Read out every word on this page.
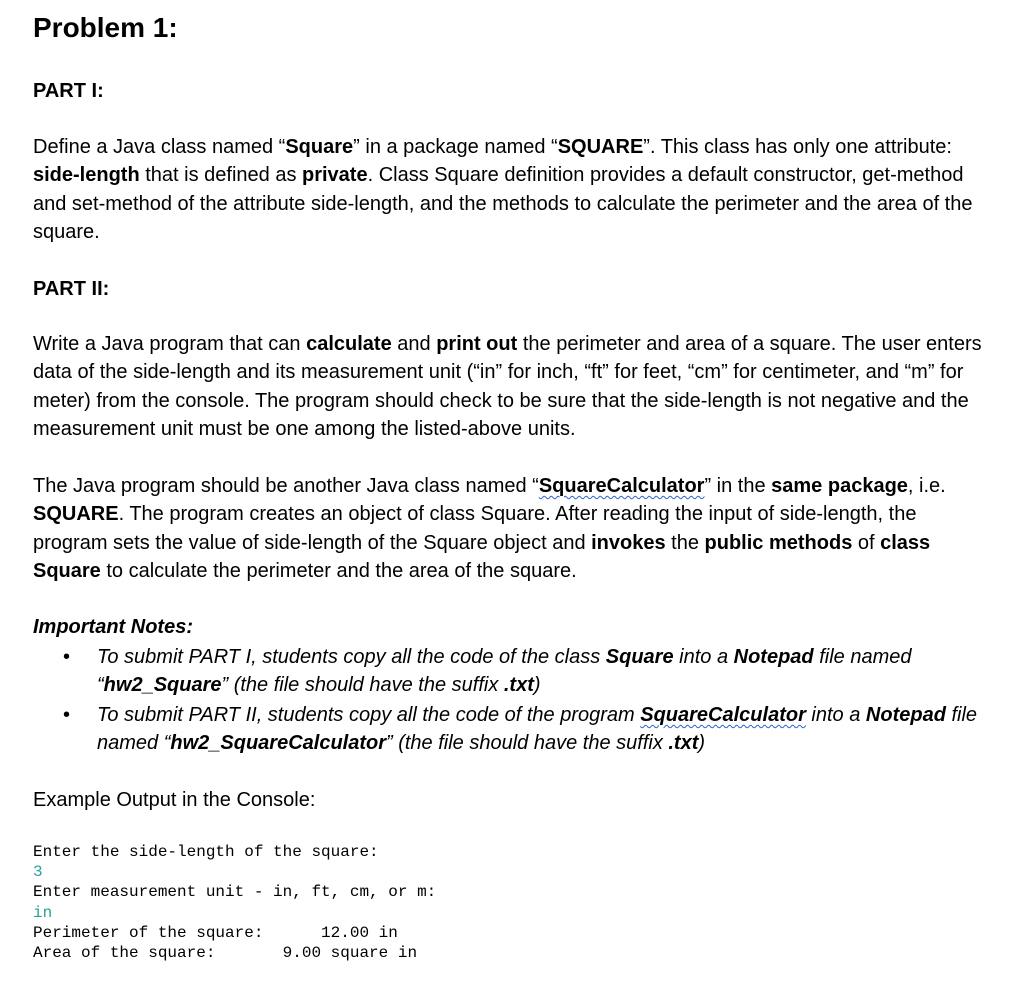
Problem 1:
PART I:

Define a Java class named “Square” in a package named “SQUARE”. This class has only one attribute: side-length that is defined as private. Class Square definition provides a default constructor, get-method and set-method of the attribute side-length, and the methods to calculate the perimeter and the area of the square.

PART II:

Write a Java program that can calculate and print out the perimeter and area of a square. The user enters data of the side-length and its measurement unit (“in” for inch, “ft” for feet, “cm” for centimeter, and “m” for meter) from the console. The program should check to be sure that the side-length is not negative and the measurement unit must be one among the listed-above units.

The Java program should be another Java class named “SquareCalculator” in the same package, i.e. SQUARE. The program creates an object of class Square. After reading the input of side-length, the program sets the value of side-length of the Square object and invokes the public methods of class Square to calculate the perimeter and the area of the square.

Important Notes:
• To submit PART I, students copy all the code of the class Square into a Notepad file named “hw2_Square” (the file should have the suffix .txt)
• To submit PART II, students copy all the code of the program SquareCalculator into a Notepad file named “hw2_SquareCalculator” (the file should have the suffix .txt)

Example Output in the Console:

Enter the side-length of the square:
3
Enter measurement unit - in, ft, cm, or m:
in
Perimeter of the square:      12.00 in
Area of the square:       9.00 square in
